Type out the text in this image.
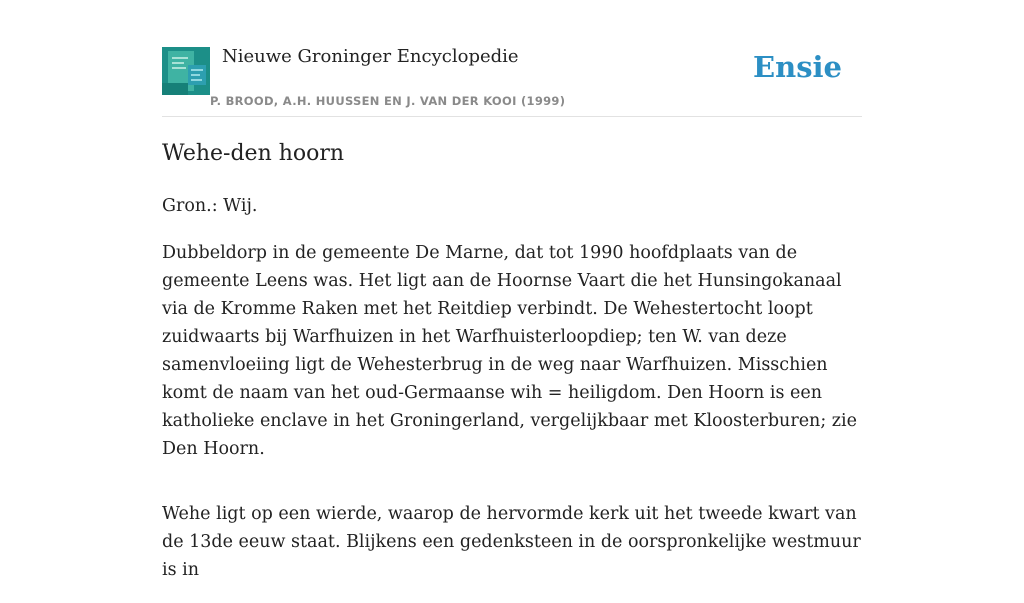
Nieuwe Groninger Encyclopedie
P. BROOD, A.H. HUUSSEN EN J. VAN DER KOOI (1999)
Ensie
Wehe-den hoorn

Gron.: Wij.

Dubbeldorp in de gemeente De Marne, dat tot 1990 hoofdplaats van de gemeente Leens was. Het ligt aan de Hoornse Vaart die het Hunsingokanaal via de Kromme Raken met het Reitdiep verbindt. De Wehestertocht loopt zuidwaarts bij Warfhuizen in het Warfhuisterloopdiep; ten W. van deze samenvloeiing ligt de Wehesterbrug in de weg naar Warfhuizen. Misschien komt de naam van het oud-Germaanse wih = heiligdom. Den Hoorn is een katholieke enclave in het Groningerland, vergelijkbaar met Kloosterburen; zie Den Hoorn.

Wehe ligt op een wierde, waarop de hervormde kerk uit het tweede kwart van de 13de eeuw staat. Blijkens een gedenksteen in de oorspronkelijke westmuur is in
